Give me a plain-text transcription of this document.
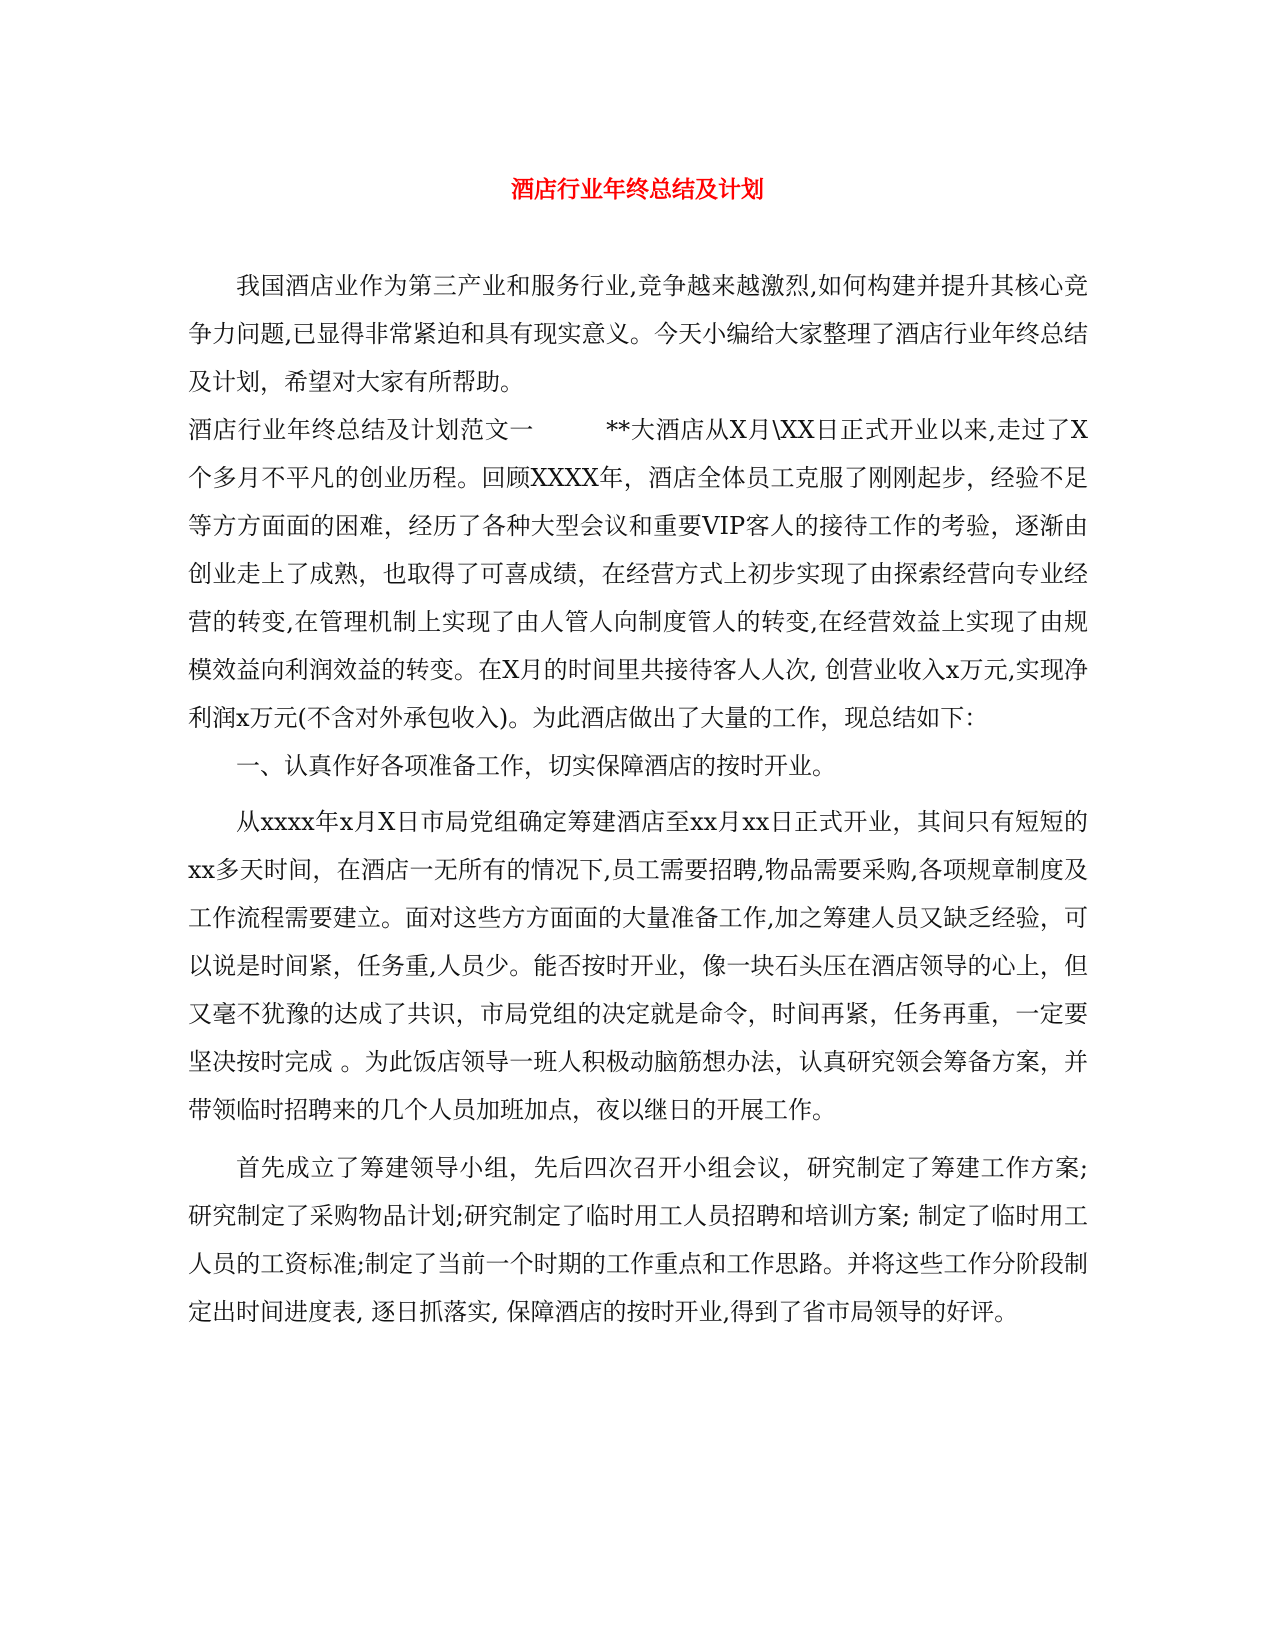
酒店行业年终总结及计划

我国酒店业作为第三产业和服务行业,竞争越来越激烈,如何构建并提升其核心竞争力问题,已显得非常紧迫和具有现实意义。今天小编给大家整理了酒店行业年终总结及计划，希望对大家有所帮助。

酒店行业年终总结及计划范文一	**大酒店从X月\XX日正式开业以来,走过了X个多月不平凡的创业历程。回顾XXXX年，酒店全体员工克服了刚刚起步，经验不足等方方面面的困难，经历了各种大型会议和重要VIP客人的接待工作的考验，逐渐由创业走上了成熟，也取得了可喜成绩，在经营方式上初步实现了由探索经营向专业经营的转变,在管理机制上实现了由人管人向制度管人的转变,在经营效益上实现了由规模效益向利润效益的转变。在X月的时间里共接待客人人次, 创营业收入x万元,实现净利润x万元(不含对外承包收入)。为此酒店做出了大量的工作，现总结如下：

一、认真作好各项准备工作，切实保障酒店的按时开业。

从xxxx年x月X日市局党组确定筹建酒店至xx月xx日正式开业，其间只有短短的xx多天时间，在酒店一无所有的情况下,员工需要招聘,物品需要采购,各项规章制度及工作流程需要建立。面对这些方方面面的大量准备工作,加之筹建人员又缺乏经验，可以说是时间紧，任务重,人员少。能否按时开业，像一块石头压在酒店领导的心上，但又毫不犹豫的达成了共识，市局党组的决定就是命令，时间再紧，任务再重，一定要坚决按时完成 。为此饭店领导一班人积极动脑筋想办法，认真研究领会筹备方案，并带领临时招聘来的几个人员加班加点，夜以继日的开展工作。

首先成立了筹建领导小组，先后四次召开小组会议，研究制定了筹建工作方案; 研究制定了采购物品计划;研究制定了临时用工人员招聘和培训方案; 制定了临时用工人员的工资标准;制定了当前一个时期的工作重点和工作思路。并将这些工作分阶段制定出时间进度表, 逐日抓落实, 保障酒店的按时开业,得到了省市局领导的好评。
